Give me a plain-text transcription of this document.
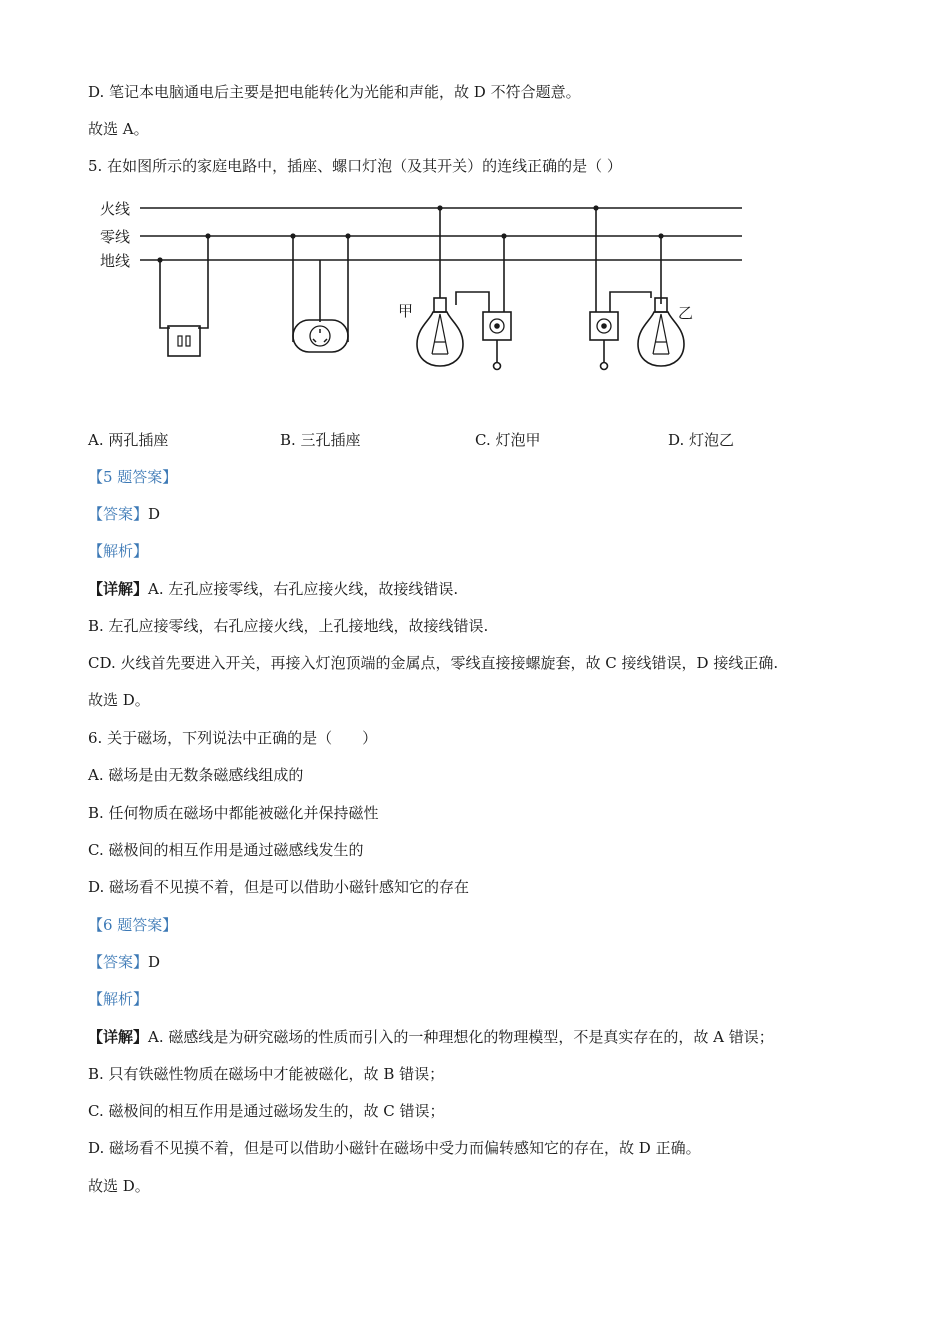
D. 笔记本电脑通电后主要是把电能转化为光能和声能，故 D 不符合题意。
故选 A。
5. 在如图所示的家庭电路中，插座、螺口灯泡（及其开关）的连线正确的是（ ）
火线
零线
地线
甲	乙
A. 两孔插座	B. 三孔插座	C. 灯泡甲	D. 灯泡乙
【5 题答案】
【答案】D
【解析】
【详解】A. 左孔应接零线，右孔应接火线，故接线错误.
B. 左孔应接零线，右孔应接火线，上孔接地线，故接线错误.
CD. 火线首先要进入开关，再接入灯泡顶端的金属点，零线直接接螺旋套，故 C 接线错误，D 接线正确.
故选 D。
6. 关于磁场，下列说法中正确的是（　　）
A. 磁场是由无数条磁感线组成的
B. 任何物质在磁场中都能被磁化并保持磁性
C. 磁极间的相互作用是通过磁感线发生的
D. 磁场看不见摸不着，但是可以借助小磁针感知它的存在
【6 题答案】
【答案】D
【解析】
【详解】A. 磁感线是为研究磁场的性质而引入的一种理想化的物理模型，不是真实存在的，故 A 错误；
B. 只有铁磁性物质在磁场中才能被磁化，故 B 错误；
C. 磁极间的相互作用是通过磁场发生的，故 C 错误；
D. 磁场看不见摸不着，但是可以借助小磁针在磁场中受力而偏转感知它的存在，故 D 正确。
故选 D。
